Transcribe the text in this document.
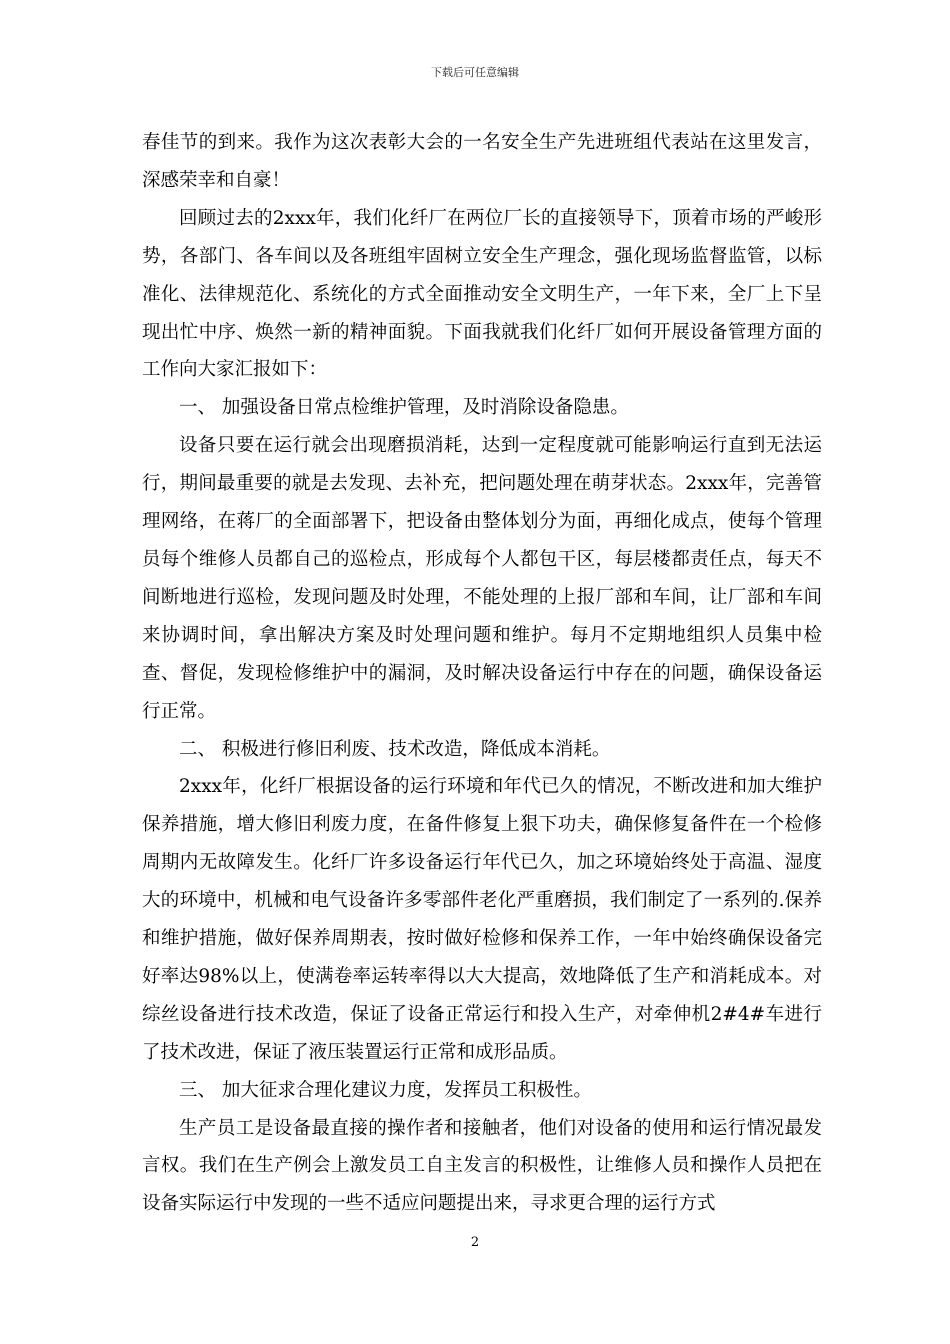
下载后可任意编辑

春佳节的到来。我作为这次表彰大会的一名安全生产先进班组代表站在这里发言，深感荣幸和自豪！

回顾过去的2xxx年，我们化纤厂在两位厂长的直接领导下，顶着市场的严峻形势，各部门、各车间以及各班组牢固树立安全生产理念，强化现场监督监管，以标准化、法律规范化、系统化的方式全面推动安全文明生产，一年下来，全厂上下呈现出忙中序、焕然一新的精神面貌。下面我就我们化纤厂如何开展设备管理方面的工作向大家汇报如下：

一、 加强设备日常点检维护管理，及时消除设备隐患。

设备只要在运行就会出现磨损消耗，达到一定程度就可能影响运行直到无法运行，期间最重要的就是去发现、去补充，把问题处理在萌芽状态。2xxx年，完善管理网络，在蒋厂的全面部署下，把设备由整体划分为面，再细化成点，使每个管理员每个维修人员都自己的巡检点，形成每个人都包干区，每层楼都责任点，每天不间断地进行巡检，发现问题及时处理，不能处理的上报厂部和车间，让厂部和车间来协调时间，拿出解决方案及时处理问题和维护。每月不定期地组织人员集中检查、督促，发现检修维护中的漏洞，及时解决设备运行中存在的问题，确保设备运行正常。

二、 积极进行修旧利废、技术改造，降低成本消耗。

2xxx年，化纤厂根据设备的运行环境和年代已久的情况，不断改进和加大维护保养措施，增大修旧利废力度，在备件修复上狠下功夫，确保修复备件在一个检修周期内无故障发生。化纤厂许多设备运行年代已久，加之环境始终处于高温、湿度大的环境中，机械和电气设备许多零部件老化严重磨损，我们制定了一系列的.保养和维护措施，做好保养周期表，按时做好检修和保养工作，一年中始终确保设备完好率达98%以上，使满卷率运转率得以大大提高，效地降低了生产和消耗成本。对综丝设备进行技术改造，保证了设备正常运行和投入生产，对牵伸机2#4#车进行了技术改进，保证了液压装置运行正常和成形品质。

三、 加大征求合理化建议力度，发挥员工积极性。

生产员工是设备最直接的操作者和接触者，他们对设备的使用和运行情况最发言权。我们在生产例会上激发员工自主发言的积极性，让维修人员和操作人员把在设备实际运行中发现的一些不适应问题提出来，寻求更合理的运行方式

2
